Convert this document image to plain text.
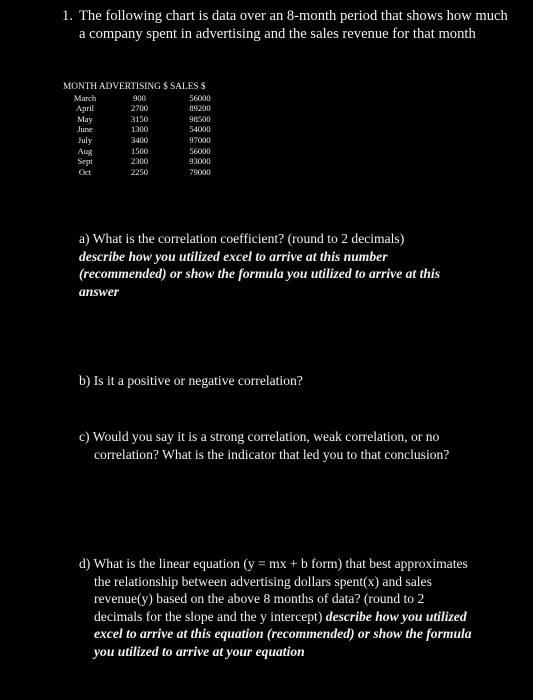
1. The following chart is data over an 8-month period that shows how much a company spent in advertising and the sales revenue for that month
MONTH ADVERTISING $ SALES $		
March	900	56000
April	2700	89200
May	3150	98500
June	1300	54000
July	3400	97000
Aug	1500	56000
Sept	2300	93000
Oct	2250	79000
a) What is the correlation coefficient? (round to 2 decimals)
describe how you utilized excel to arrive at this number (recommended) or show the formula you utilized to arrive at this answer
b) Is it a positive or negative correlation?
c) Would you say it is a strong correlation, weak correlation, or no correlation? What is the indicator that led you to that conclusion?
d) What is the linear equation (y = mx + b form) that best approximates the relationship between advertising dollars spent(x) and sales revenue(y) based on the above 8 months of data? (round to 2 decimals for the slope and the y intercept) describe how you utilized excel to arrive at this equation (recommended) or show the formula you utilized to arrive at your equation
